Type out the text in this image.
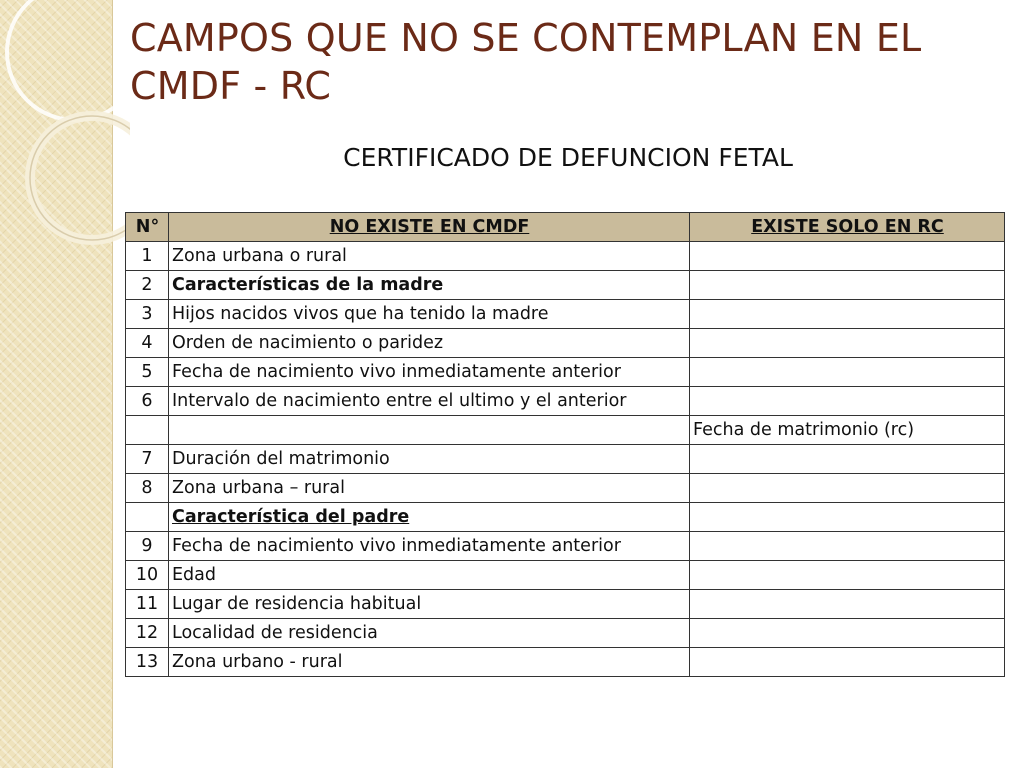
CAMPOS QUE NO SE CONTEMPLAN EN EL CMDF - RC
CERTIFICADO DE DEFUNCION FETAL
N°	NO EXISTE EN CMDF	EXISTE SOLO EN RC
1	Zona urbana o rural	
2	Características de la madre	
3	Hijos nacidos vivos que ha tenido la madre	
4	Orden de nacimiento o paridez	
5	Fecha de nacimiento vivo inmediatamente anterior	
6	Intervalo de nacimiento entre el ultimo y el anterior	
		Fecha de matrimonio (rc)
7	Duración del matrimonio	
8	Zona urbana – rural	
	Característica del padre	
9	Fecha de nacimiento vivo inmediatamente anterior	
10	Edad	
11	Lugar de residencia habitual	
12	Localidad de residencia	
13	Zona urbano - rural	
